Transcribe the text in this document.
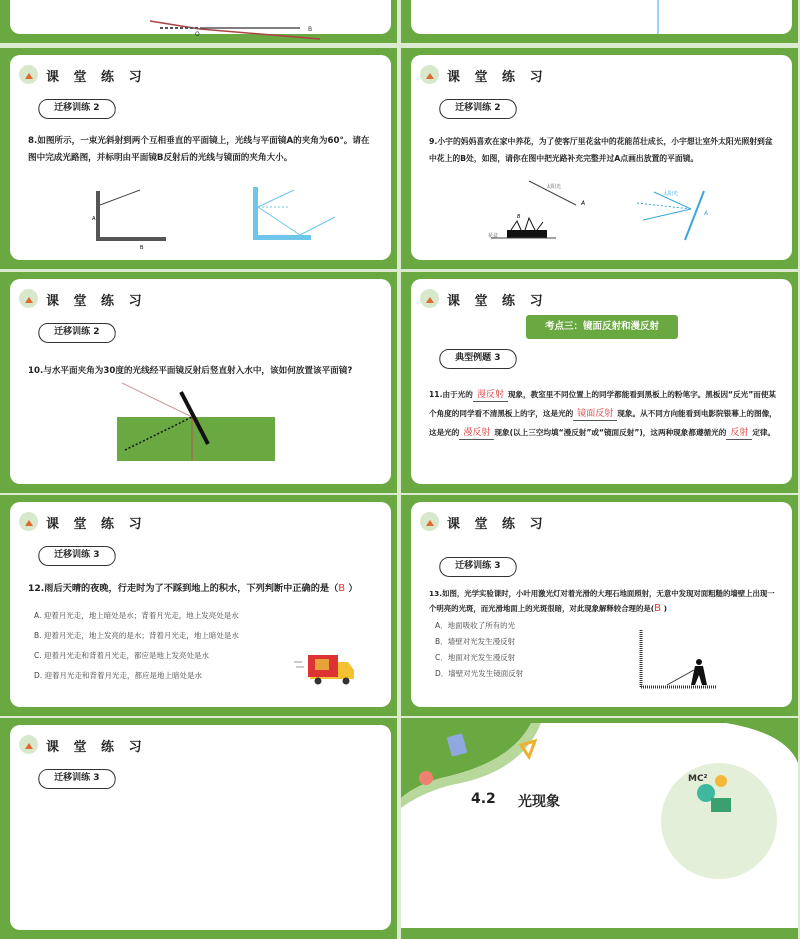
O
B
课 堂 练 习
迁移训练 2
8.如图所示，一束光斜射到两个互相垂直的平面镜上，光线与平面镜A的夹角为60°。请在图中完成光路图，并标明由平面镜B反射后的光线与镜面的夹角大小。
A
B
课 堂 练 习
迁移训练 2
9.小宇的妈妈喜欢在家中养花，为了使客厅里花盆中的花能茁壮成长，小宇想让室外太阳光照射到盆中花上的B处，如图，请你在图中把光路补充完整并过A点画出放置的平面镜。
太阳光
A
花盆
B
太阳光
A
课 堂 练 习
迁移训练 2
10.与水平面夹角为30度的光线经平面镜反射后竖直射入水中，该如何放置该平面镜?
课 堂 练 习
考点三：镜面反射和漫反射
典型例题 3
11.由于光的 漫反射 现象，教室里不同位置上的同学都能看到黑板上的粉笔字。黑板因“反光”而使某个角度的同学看不清黑板上的字，这是光的 镜面反射 现象。从不同方向能看到电影院银幕上的图像，这是光的 漫反射 现象(以上三空均填“漫反射”或“镜面反射”)，这两种现象都遵循光的 反射 定律。
课 堂 练 习
迁移训练 3
12.雨后天晴的夜晚，行走时为了不踩到地上的积水，下列判断中正确的是（B ）
A. 迎着月光走，地上暗处是水；背着月光走，地上发亮处是水
B. 迎着月光走，地上发亮的是水；背着月光走，地上暗处是水
C. 迎着月光走和背着月光走，都应是地上发亮处是水
D. 迎着月光走和背着月光走，都应是地上暗处是水
课 堂 练 习
迁移训练 3
13.如图，光学实验课时，小叶用激光灯对着光滑的大理石地面照射，无意中发现对面粗糙的墙壁上出现一个明亮的光斑，而光滑地面上的光斑很暗，对此现象解释较合理的是(B )
A．地面吸收了所有的光
B．墙壁对光发生漫反射
C．地面对光发生漫反射
D．墙壁对光发生镜面反射
课 堂 练 习
迁移训练 3	MC²
4.2 光现象
